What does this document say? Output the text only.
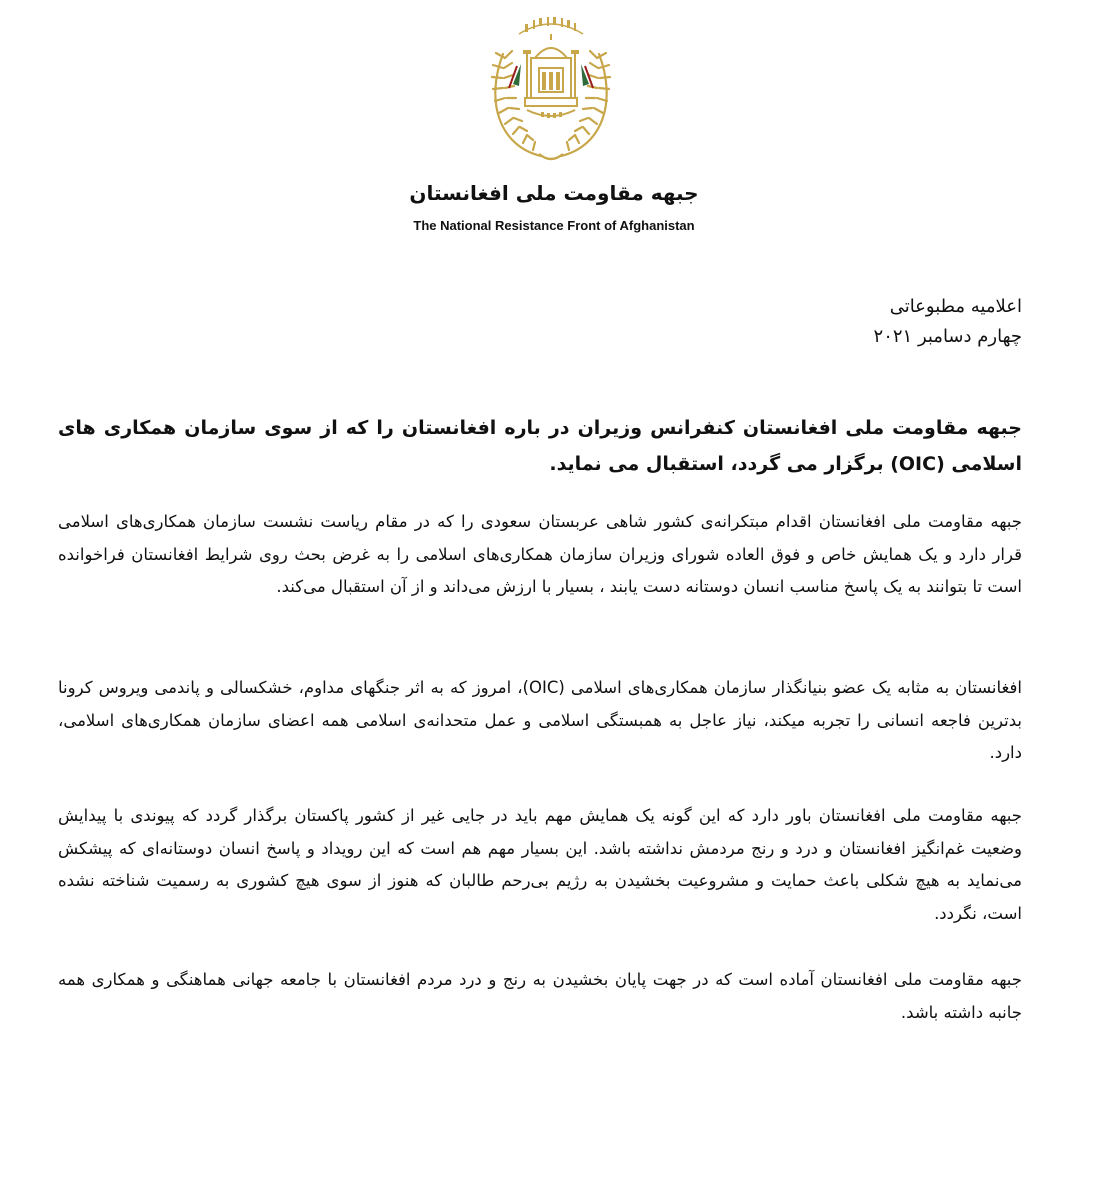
جبهه مقاومت ملی افغانستان
The National Resistance Front of Afghanistan
اعلامیه مطبوعاتی
چهارم دسامبر ۲۰۲۱
جبهه مقاومت ملی افغانستان کنفرانس وزیران در باره افغانستان را که از سوی سازمان همکاری های اسلامی (OIC) برگزار می گردد، استقبال می نماید.
جبهه مقاومت ملی افغانستان اقدام مبتکرانه‌ی کشور شاهی عربستان سعودی را که در مقام ریاست نشست سازمان همکاری‌های اسلامی قرار دارد و یک همایش خاص و فوق العاده شورای وزیران سازمان همکاری‌های اسلامی را به غرض بحث روی شرایط افغانستان فراخوانده است تا بتوانند به یک پاسخ مناسب انسان دوستانه دست یابند ، بسیار با ارزش می‌داند و از آن استقبال می‌کند.
افغانستان به مثابه یک عضو بنیانگذار سازمان همکاری‌های اسلامی (OIC)، امروز که به اثر جنگهای مداوم، خشکسالی و پاندمی ویروس کرونا بدترین فاجعه انسانی را تجربه میکند، نیاز عاجل به همبستگی اسلامی و عمل متحدانه‌ی اسلامی همه اعضای سازمان همکاری‌های اسلامی، دارد.
جبهه مقاومت ملی افغانستان باور دارد که این گونه یک همایش مهم باید در جایی غیر از کشور پاکستان برگذار گردد که پیوندی با پیدایش وضعیت غم‌انگیز افغانستان و درد و رنج مردمش نداشته باشد. این بسیار مهم هم است که این رویداد و پاسخ انسان دوستانه‌ای که پیشکش می‌نماید به هیچ شکلی باعث حمایت و مشروعیت بخشیدن به رژیم بی‌رحم طالبان که هنوز از سوی هیچ کشوری به رسمیت شناخته نشده است، نگردد.
جبهه مقاومت ملی افغانستان آماده است که در جهت پایان بخشیدن به رنج و درد مردم افغانستان با جامعه جهانی هماهنگی و همکاری همه جانبه داشته باشد.
